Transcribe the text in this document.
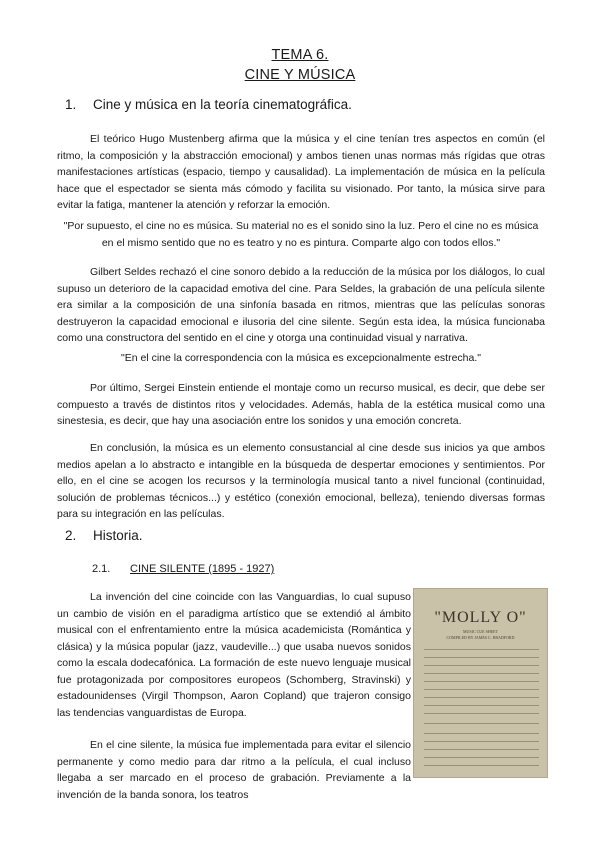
TEMA 6.
CINE Y MÚSICA
1. Cine y música en la teoría cinematográfica.

El teórico Hugo Mustenberg afirma que la música y el cine tenían tres aspectos en común (el ritmo, la composición y la abstracción emocional) y ambos tienen unas normas más rígidas que otras manifestaciones artísticas (espacio, tiempo y causalidad). La implementación de música en la película hace que el espectador se sienta más cómodo y facilita su visionado. Por tanto, la música sirve para evitar la fatiga, mantener la atención y reforzar la emoción.

"Por supuesto, el cine no es música. Su material no es el sonido sino la luz. Pero el cine no es música en el mismo sentido que no es teatro y no es pintura. Comparte algo con todos ellos."

Gilbert Seldes rechazó el cine sonoro debido a la reducción de la música por los diálogos, lo cual supuso un deterioro de la capacidad emotiva del cine. Para Seldes, la grabación de una película silente era similar a la composición de una sinfonía basada en ritmos, mientras que las películas sonoras destruyeron la capacidad emocional e ilusoria del cine silente. Según esta idea, la música funcionaba como una constructora del sentido en el cine y otorga una continuidad visual y narrativa.

"En el cine la correspondencia con la música es excepcionalmente estrecha."

Por último, Sergei Einstein entiende el montaje como un recurso musical, es decir, que debe ser compuesto a través de distintos ritos y velocidades. Además, habla de la estética musical como una sinestesia, es decir, que hay una asociación entre los sonidos y una emoción concreta.

En conclusión, la música es un elemento consustancial al cine desde sus inicios ya que ambos medios apelan a lo abstracto e intangible en la búsqueda de despertar emociones y sentimientos. Por ello, en el cine se acogen los recursos y la terminología musical tanto a nivel funcional (continuidad, solución de problemas técnicos...) y estético (conexión emocional, belleza), teniendo diversas formas para su integración en las películas.

2. Historia.
2.1. CINE SILENTE (1895 - 1927)

La invención del cine coincide con las Vanguardias, lo cual supuso un cambio de visión en el paradigma artístico que se extendió al ámbito musical con el enfrentamiento entre la música academicista (Romántica y clásica) y la música popular (jazz, vaudeville...) que usaba nuevos sonidos como la escala dodecafónica. La formación de este nuevo lenguaje musical fue protagonizada por compositores europeos (Schomberg, Stravinski) y estadounidenses (Virgil Thompson, Aaron Copland) que trajeron consigo las tendencias vanguardistas de Europa.

En el cine silente, la música fue implementada para evitar el silencio permanente y como medio para dar ritmo a la película, el cual incluso llegaba a ser marcado en el proceso de grabación. Previamente a la invención de la banda sonora, los teatros

"MOLLY O"
MUSIC CUE SHEET
COMPILED BY JAMES C. BRADFORD
